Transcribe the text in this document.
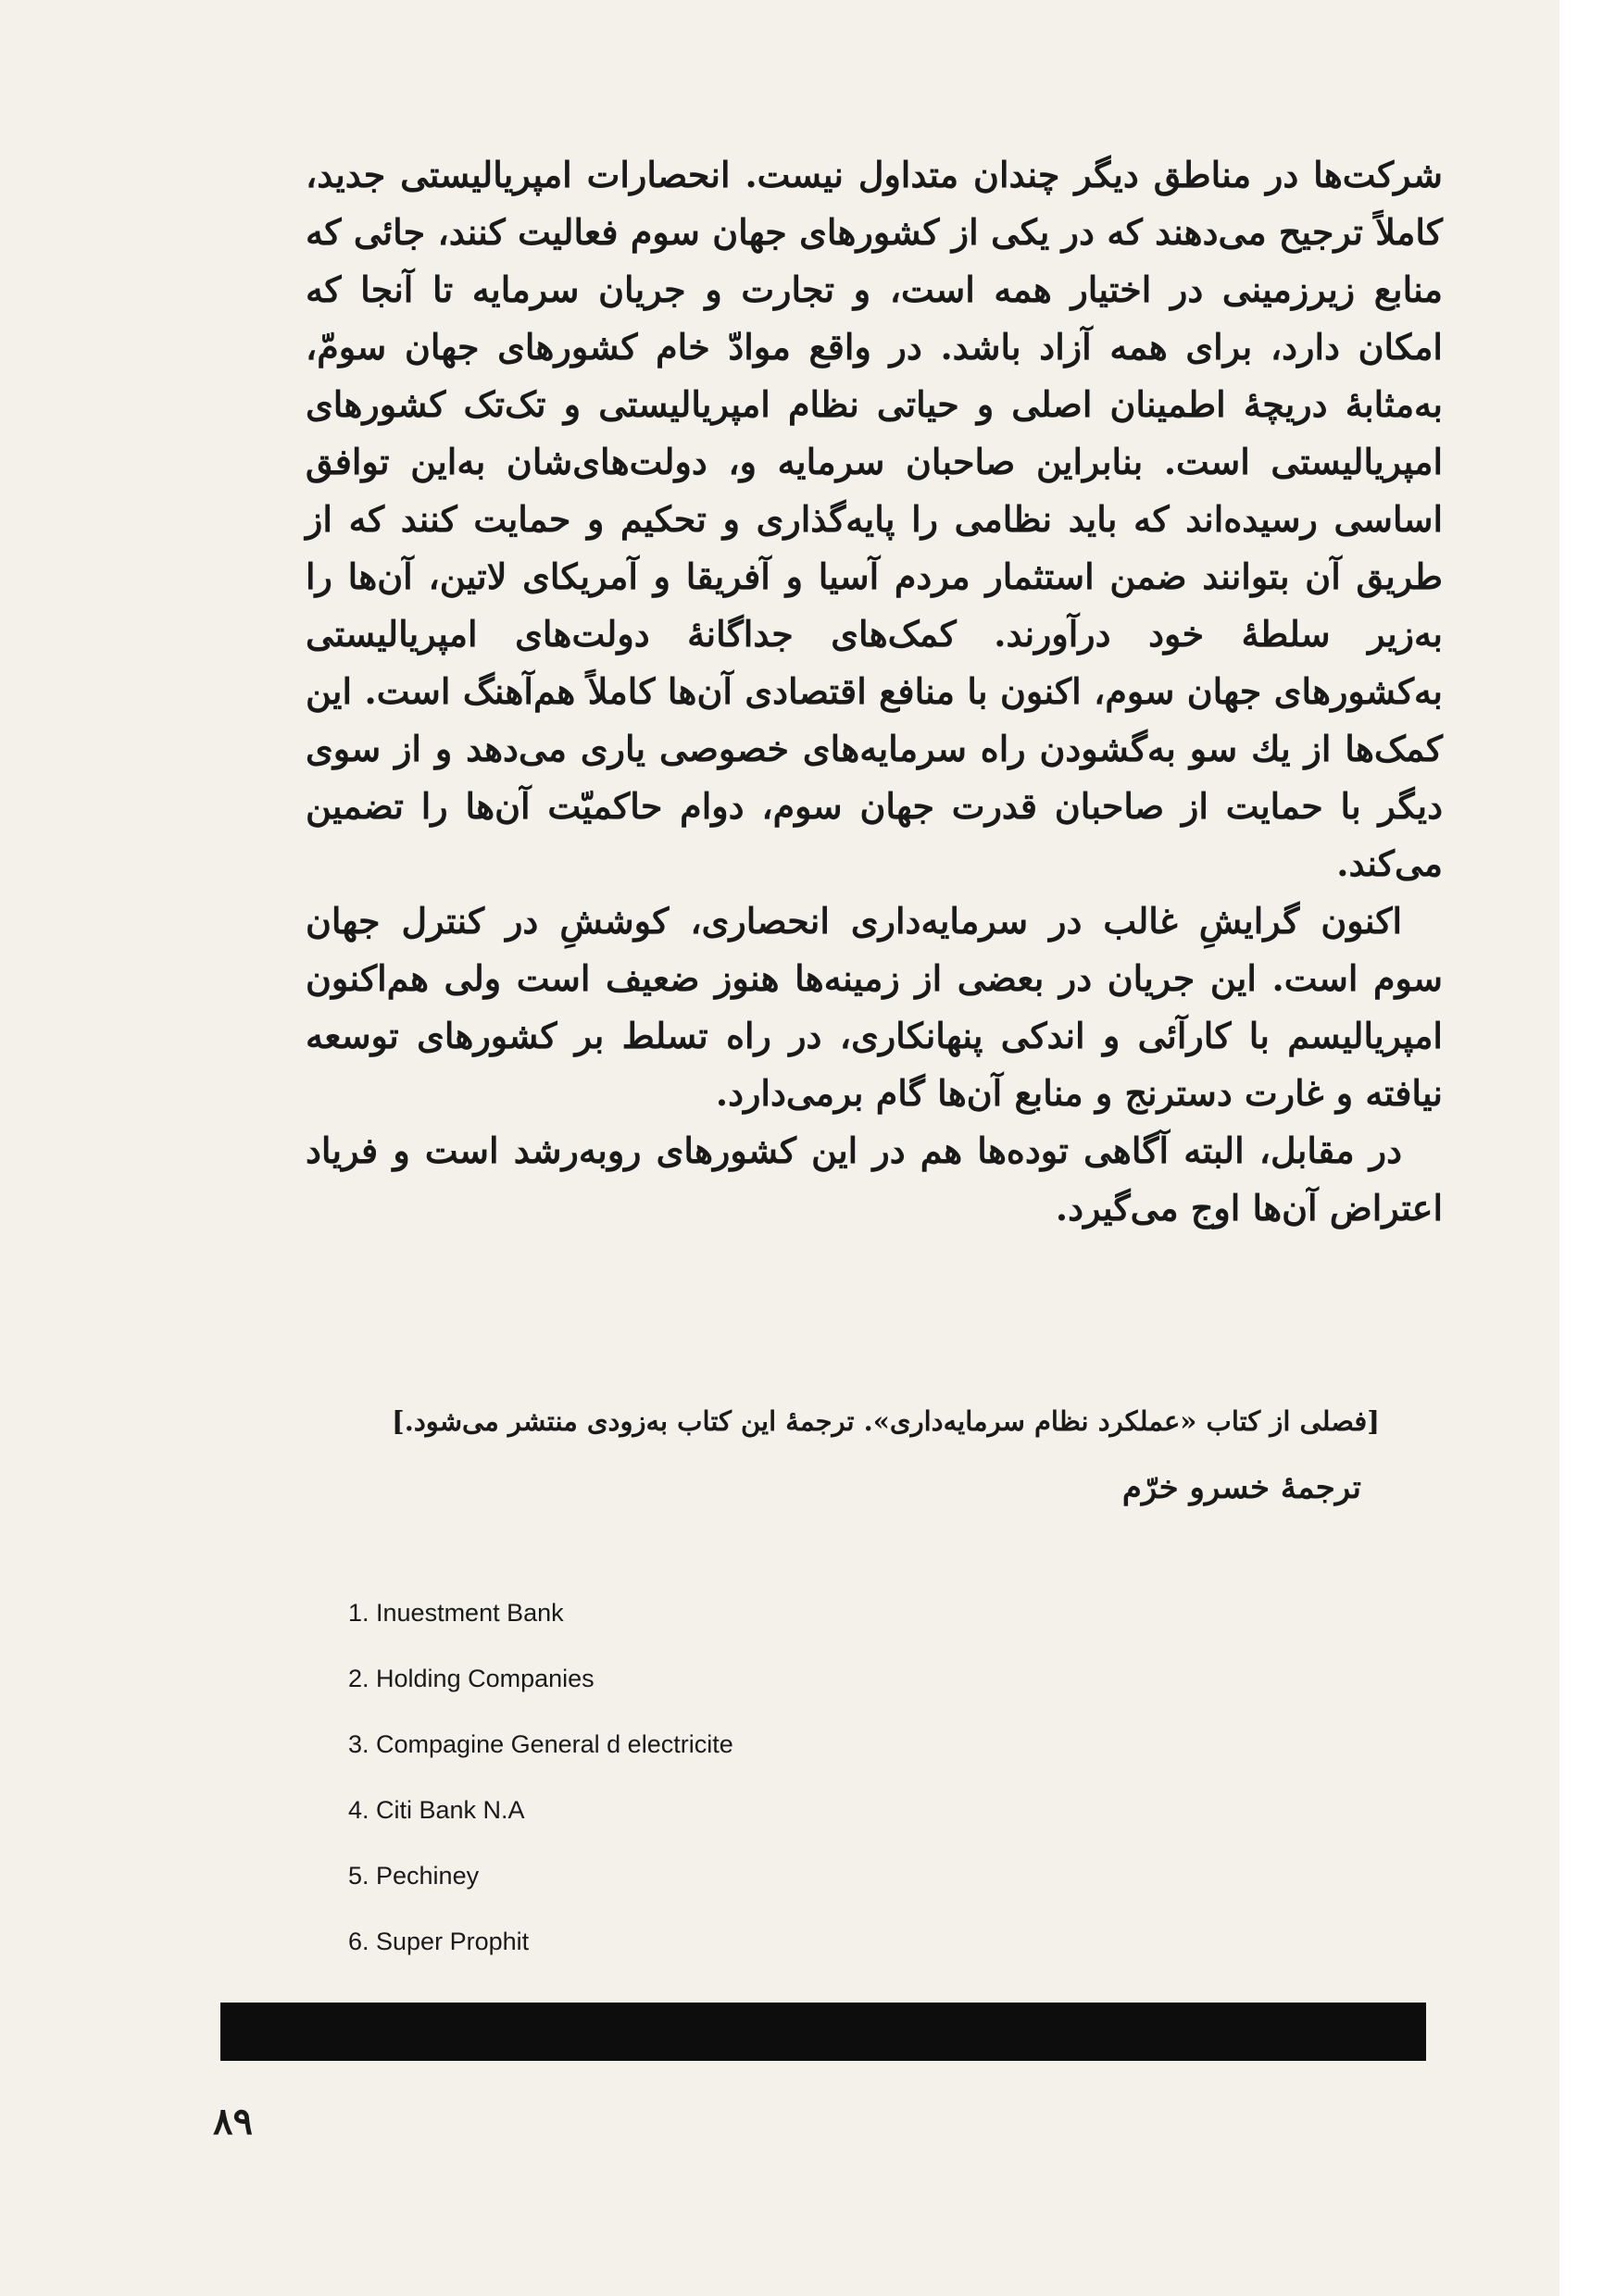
شرکت‌ها در مناطق دیگر چندان متداول نیست. انحصارات امپریالیستی جدید، کاملاً ترجیح می‌دهند که در یکی از کشورهای جهان سوم فعالیت کنند، جائی که منابع زیرزمینی در اختیار همه است، و تجارت و جریان سرمایه تا آنجا که امکان دارد، برای همه آزاد باشد. در واقع موادّ خام کشورهای جهان سومّ، به‌مثابهٔ دریچهٔ اطمینان اصلی و حیاتی نظام امپریالیستی و تک‌تک کشورهای امپریالیستی است. بنابراین صاحبان سرمایه و، دولت‌های‌شان به‌این توافق اساسی رسیده‌اند که باید نظامی را پایه‌گذاری و تحکیم و حمایت کنند که از طریق آن بتوانند ضمن استثمار مردم آسیا و آفریقا و آمریکای لاتین، آن‌ها را به‌زیر سلطهٔ خود درآورند. کمک‌های جداگانهٔ دولت‌های امپریالیستی به‌کشورهای جهان سوم، اکنون با منافع اقتصادی آن‌ها کاملاً هم‌آهنگ است. این کمک‌ها از یك سو به‌گشودن راه سرمایه‌های خصوصی یاری می‌دهد و از سوی دیگر با حمایت از صاحبان قدرت جهان سوم، دوام حاکمیّت آن‌ها را تضمین می‌کند.

اکنون گرایشِ غالب در سرمایه‌داری انحصاری، کوششِ در کنترل جهان سوم است. این جریان در بعضی از زمینه‌ها هنوز ضعیف است ولی هم‌اکنون امپریالیسم با کارآئی و اندکی پنهانکاری، در راه تسلط بر کشورهای توسعه نیافته و غارت دسترنج و منابع آن‌ها گام برمی‌دارد.

در مقابل، البته آگاهی توده‌ها هم در این کشورهای روبه‌رشد است و فریاد اعتراض آن‌ها اوج می‌گیرد.

[فصلی از کتاب «عملکرد نظام سرمایه‌داری». ترجمهٔ این کتاب به‌زودی منتشر می‌شود.]
ترجمهٔ خسرو خرّم
1. Inuestment Bank
2. Holding Companies
3. Compagine General d electricite
4. Citi Bank N.A
5. Pechiney
6. Super Prophit
۸۹
